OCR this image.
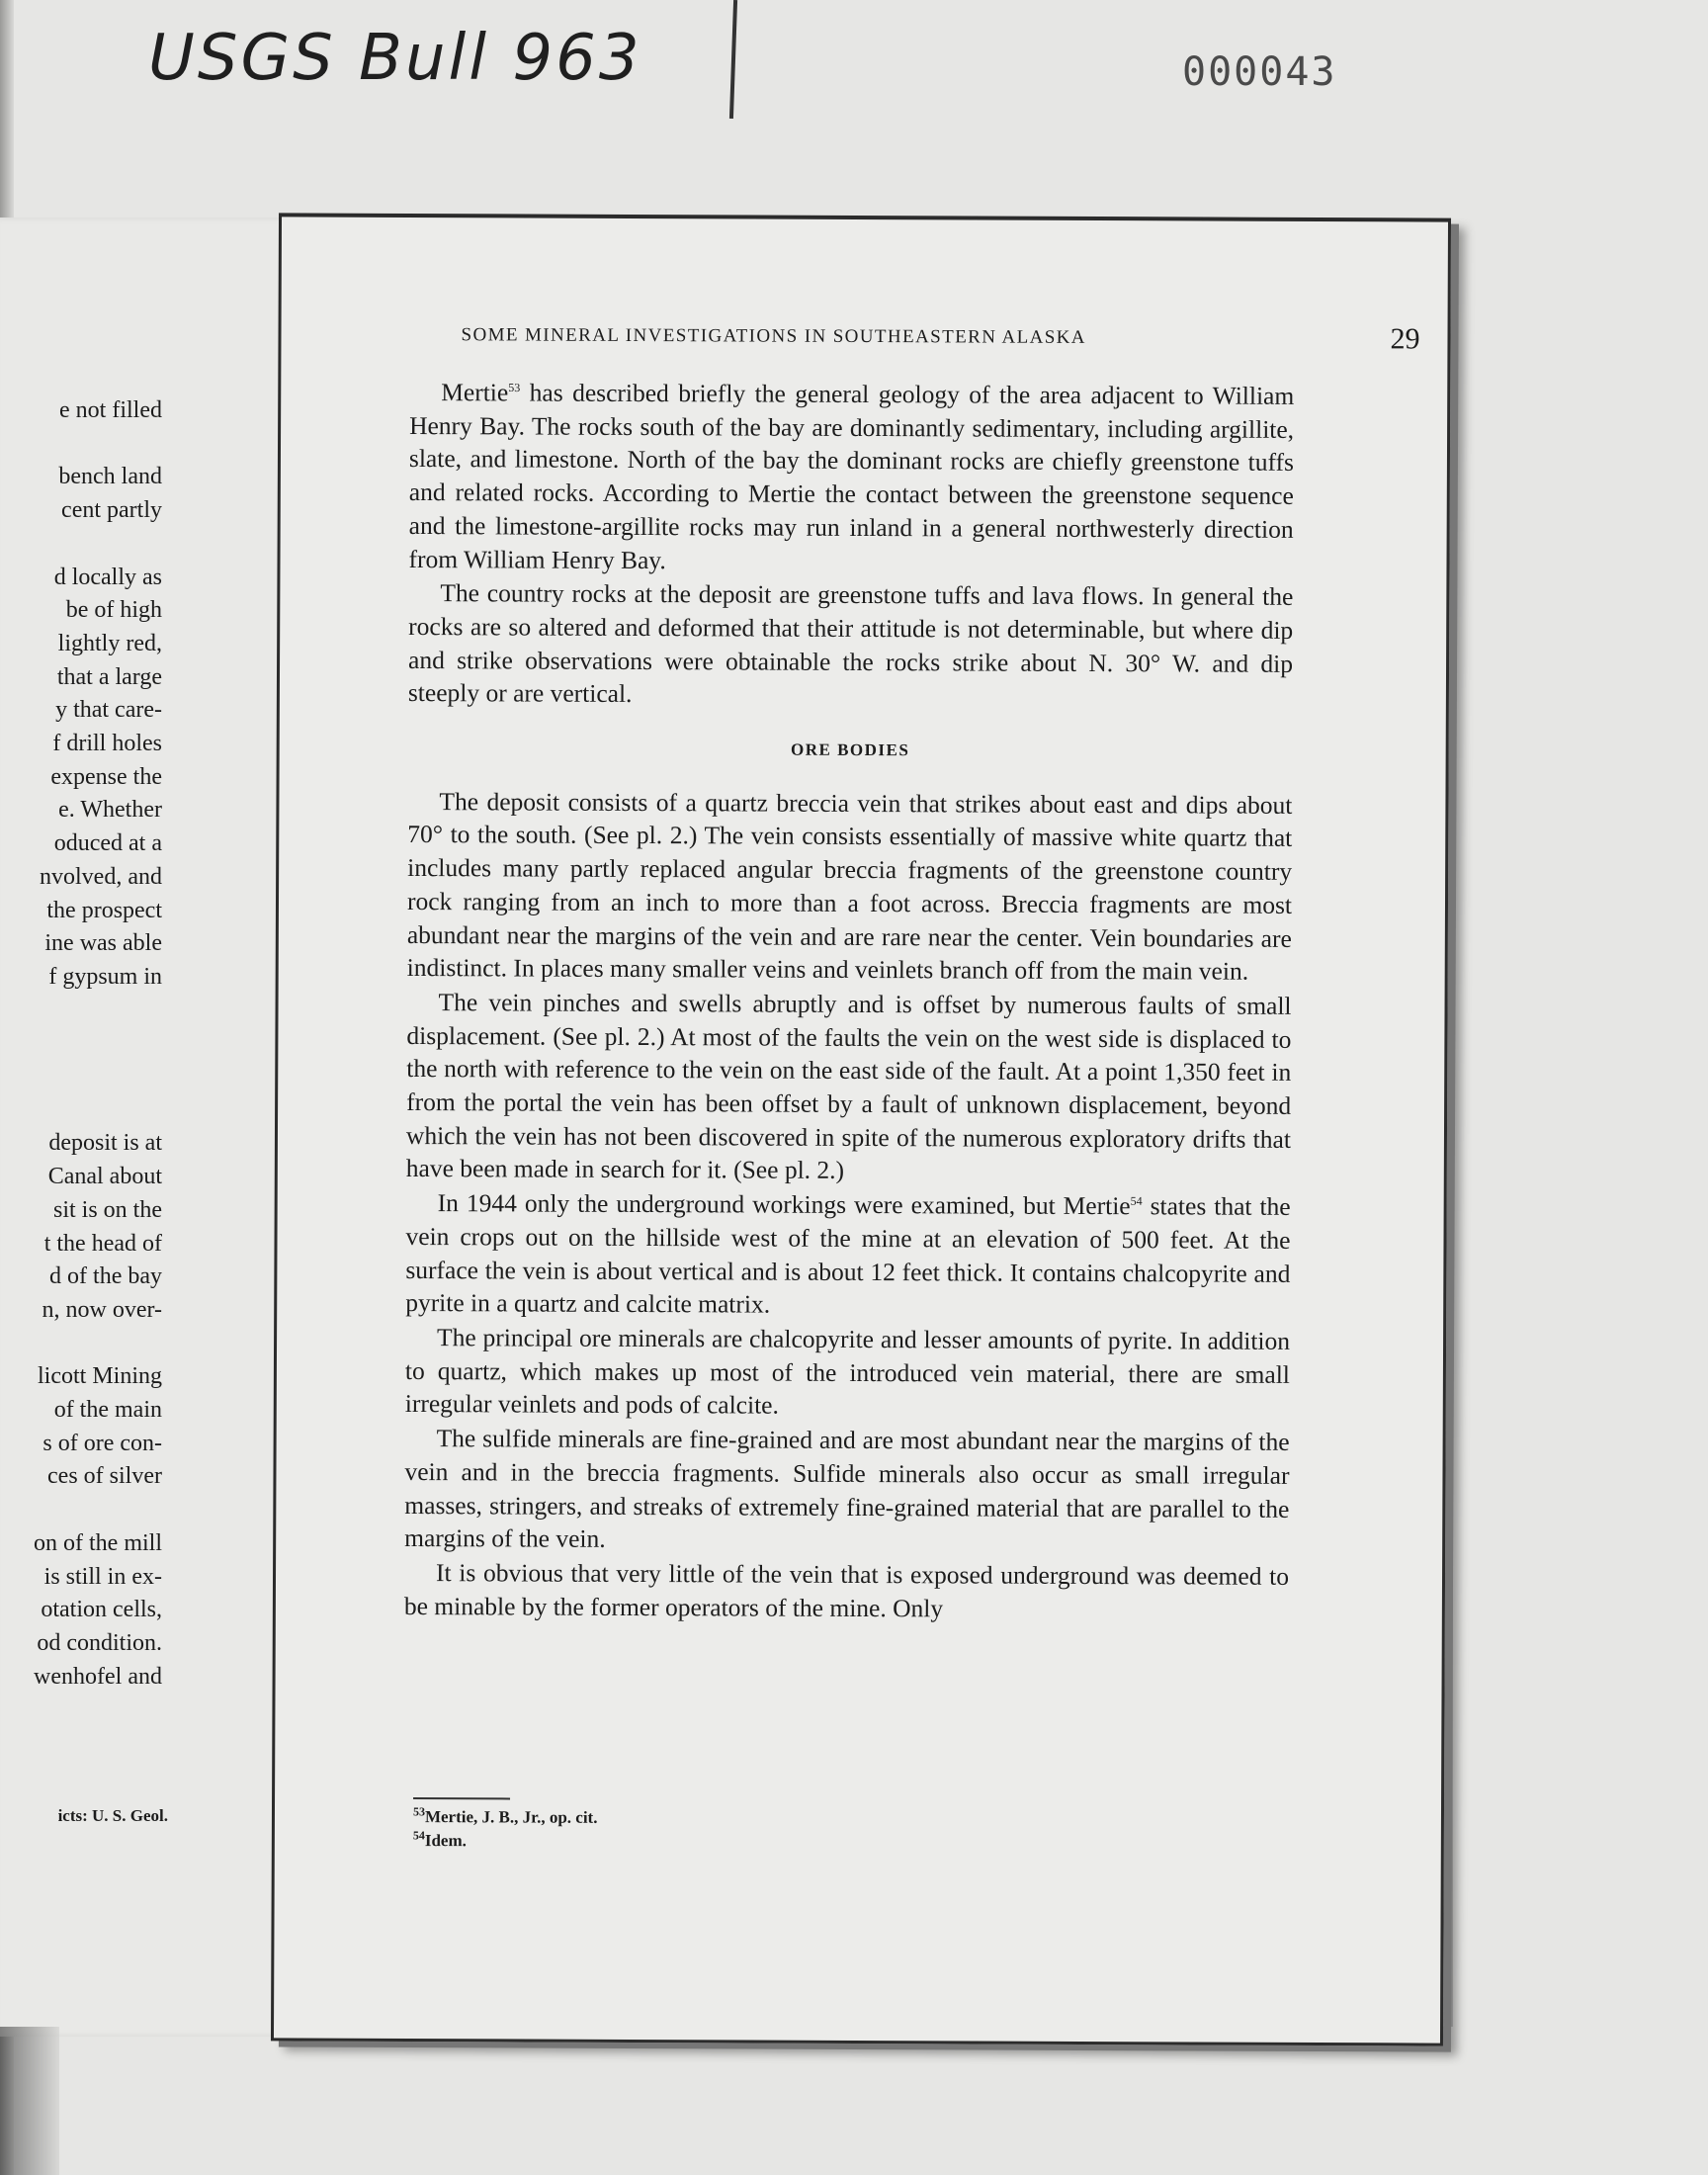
USGS Bull 963	000043
e not filled
bench land
cent partly
d locally as
be of high
lightly red,
that a large
y that care-
f drill holes
expense the
e. Whether
oduced at a
nvolved, and
the prospect
ine was able
f gypsum in
deposit is at
Canal about
sit is on the
t the head of
d of the bay
n, now over-
licott Mining
of the main
s of ore con-
ces of silver
on of the mill
is still in ex-
otation cells,
od condition.
wenhofel and
icts: U. S. Geol.
SOME MINERAL INVESTIGATIONS IN SOUTHEASTERN ALASKA	29

Mertie$^{53}$ has described briefly the general geology of the area adjacent to William Henry Bay. The rocks south of the bay are dominantly sedimentary, including argillite, slate, and limestone. North of the bay the dominant rocks are chiefly greenstone tuffs and related rocks. According to Mertie the contact between the greenstone sequence and the limestone-argillite rocks may run inland in a general northwesterly direction from William Henry Bay.

The country rocks at the deposit are greenstone tuffs and lava flows. In general the rocks are so altered and deformed that their attitude is not determinable, but where dip and strike observations were obtainable the rocks strike about N. 30° W. and dip steeply or are vertical.

ORE BODIES

The deposit consists of a quartz breccia vein that strikes about east and dips about 70° to the south. (See pl. 2.) The vein consists essentially of massive white quartz that includes many partly replaced angular breccia fragments of the greenstone country rock ranging from an inch to more than a foot across. Breccia fragments are most abundant near the margins of the vein and are rare near the center. Vein boundaries are indistinct. In places many smaller veins and veinlets branch off from the main vein.

The vein pinches and swells abruptly and is offset by numerous faults of small displacement. (See pl. 2.) At most of the faults the vein on the west side is displaced to the north with reference to the vein on the east side of the fault. At a point 1,350 feet in from the portal the vein has been offset by a fault of unknown displacement, beyond which the vein has not been discovered in spite of the numerous exploratory drifts that have been made in search for it. (See pl. 2.)

In 1944 only the underground workings were examined, but Mertie$^{54}$ states that the vein crops out on the hillside west of the mine at an elevation of 500 feet. At the surface the vein is about vertical and is about 12 feet thick. It contains chalcopyrite and pyrite in a quartz and calcite matrix.

The principal ore minerals are chalcopyrite and lesser amounts of pyrite. In addition to quartz, which makes up most of the introduced vein material, there are small irregular veinlets and pods of calcite.

The sulfide minerals are fine-grained and are most abundant near the margins of the vein and in the breccia fragments. Sulfide minerals also occur as small irregular masses, stringers, and streaks of extremely fine-grained material that are parallel to the margins of the vein.

It is obvious that very little of the vein that is exposed underground was deemed to be minable by the former operators of the mine. Only

$^{53}$Mertie, J. B., Jr., op. cit.
$^{54}$Idem.
